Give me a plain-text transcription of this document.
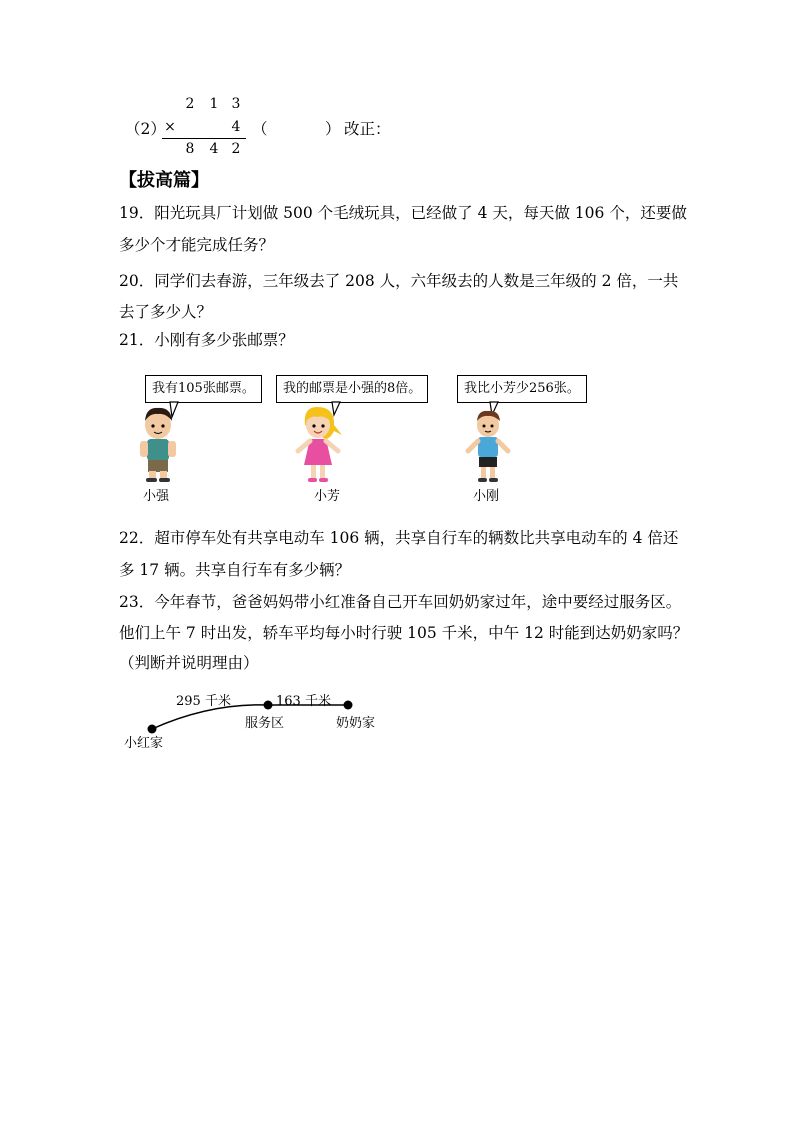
（2）
2 1 3
×	4
8 4 2
（	） 改正：
【拔高篇】
19．阳光玩具厂计划做 500 个毛绒玩具，已经做了 4 天，每天做 106 个，还要做
多少个才能完成任务？
20．同学们去春游，三年级去了 208 人，六年级去的人数是三年级的 2 倍，一共
去了多少人？
21．小刚有多少张邮票？
我有105张邮票。	我的邮票是小强的8倍。	我比小芳少256张。
小强	小芳	小刚
22．超市停车处有共享电动车 106 辆，共享自行车的辆数比共享电动车的 4 倍还
多 17 辆。共享自行车有多少辆？
23．今年春节，爸爸妈妈带小红准备自己开车回奶奶家过年，途中要经过服务区。
他们上午 7 时出发，轿车平均每小时行驶 105 千米，中午 12 时能到达奶奶家吗？
（判断并说明理由）
295 千米	163 千米
服务区	奶奶家
小红家
